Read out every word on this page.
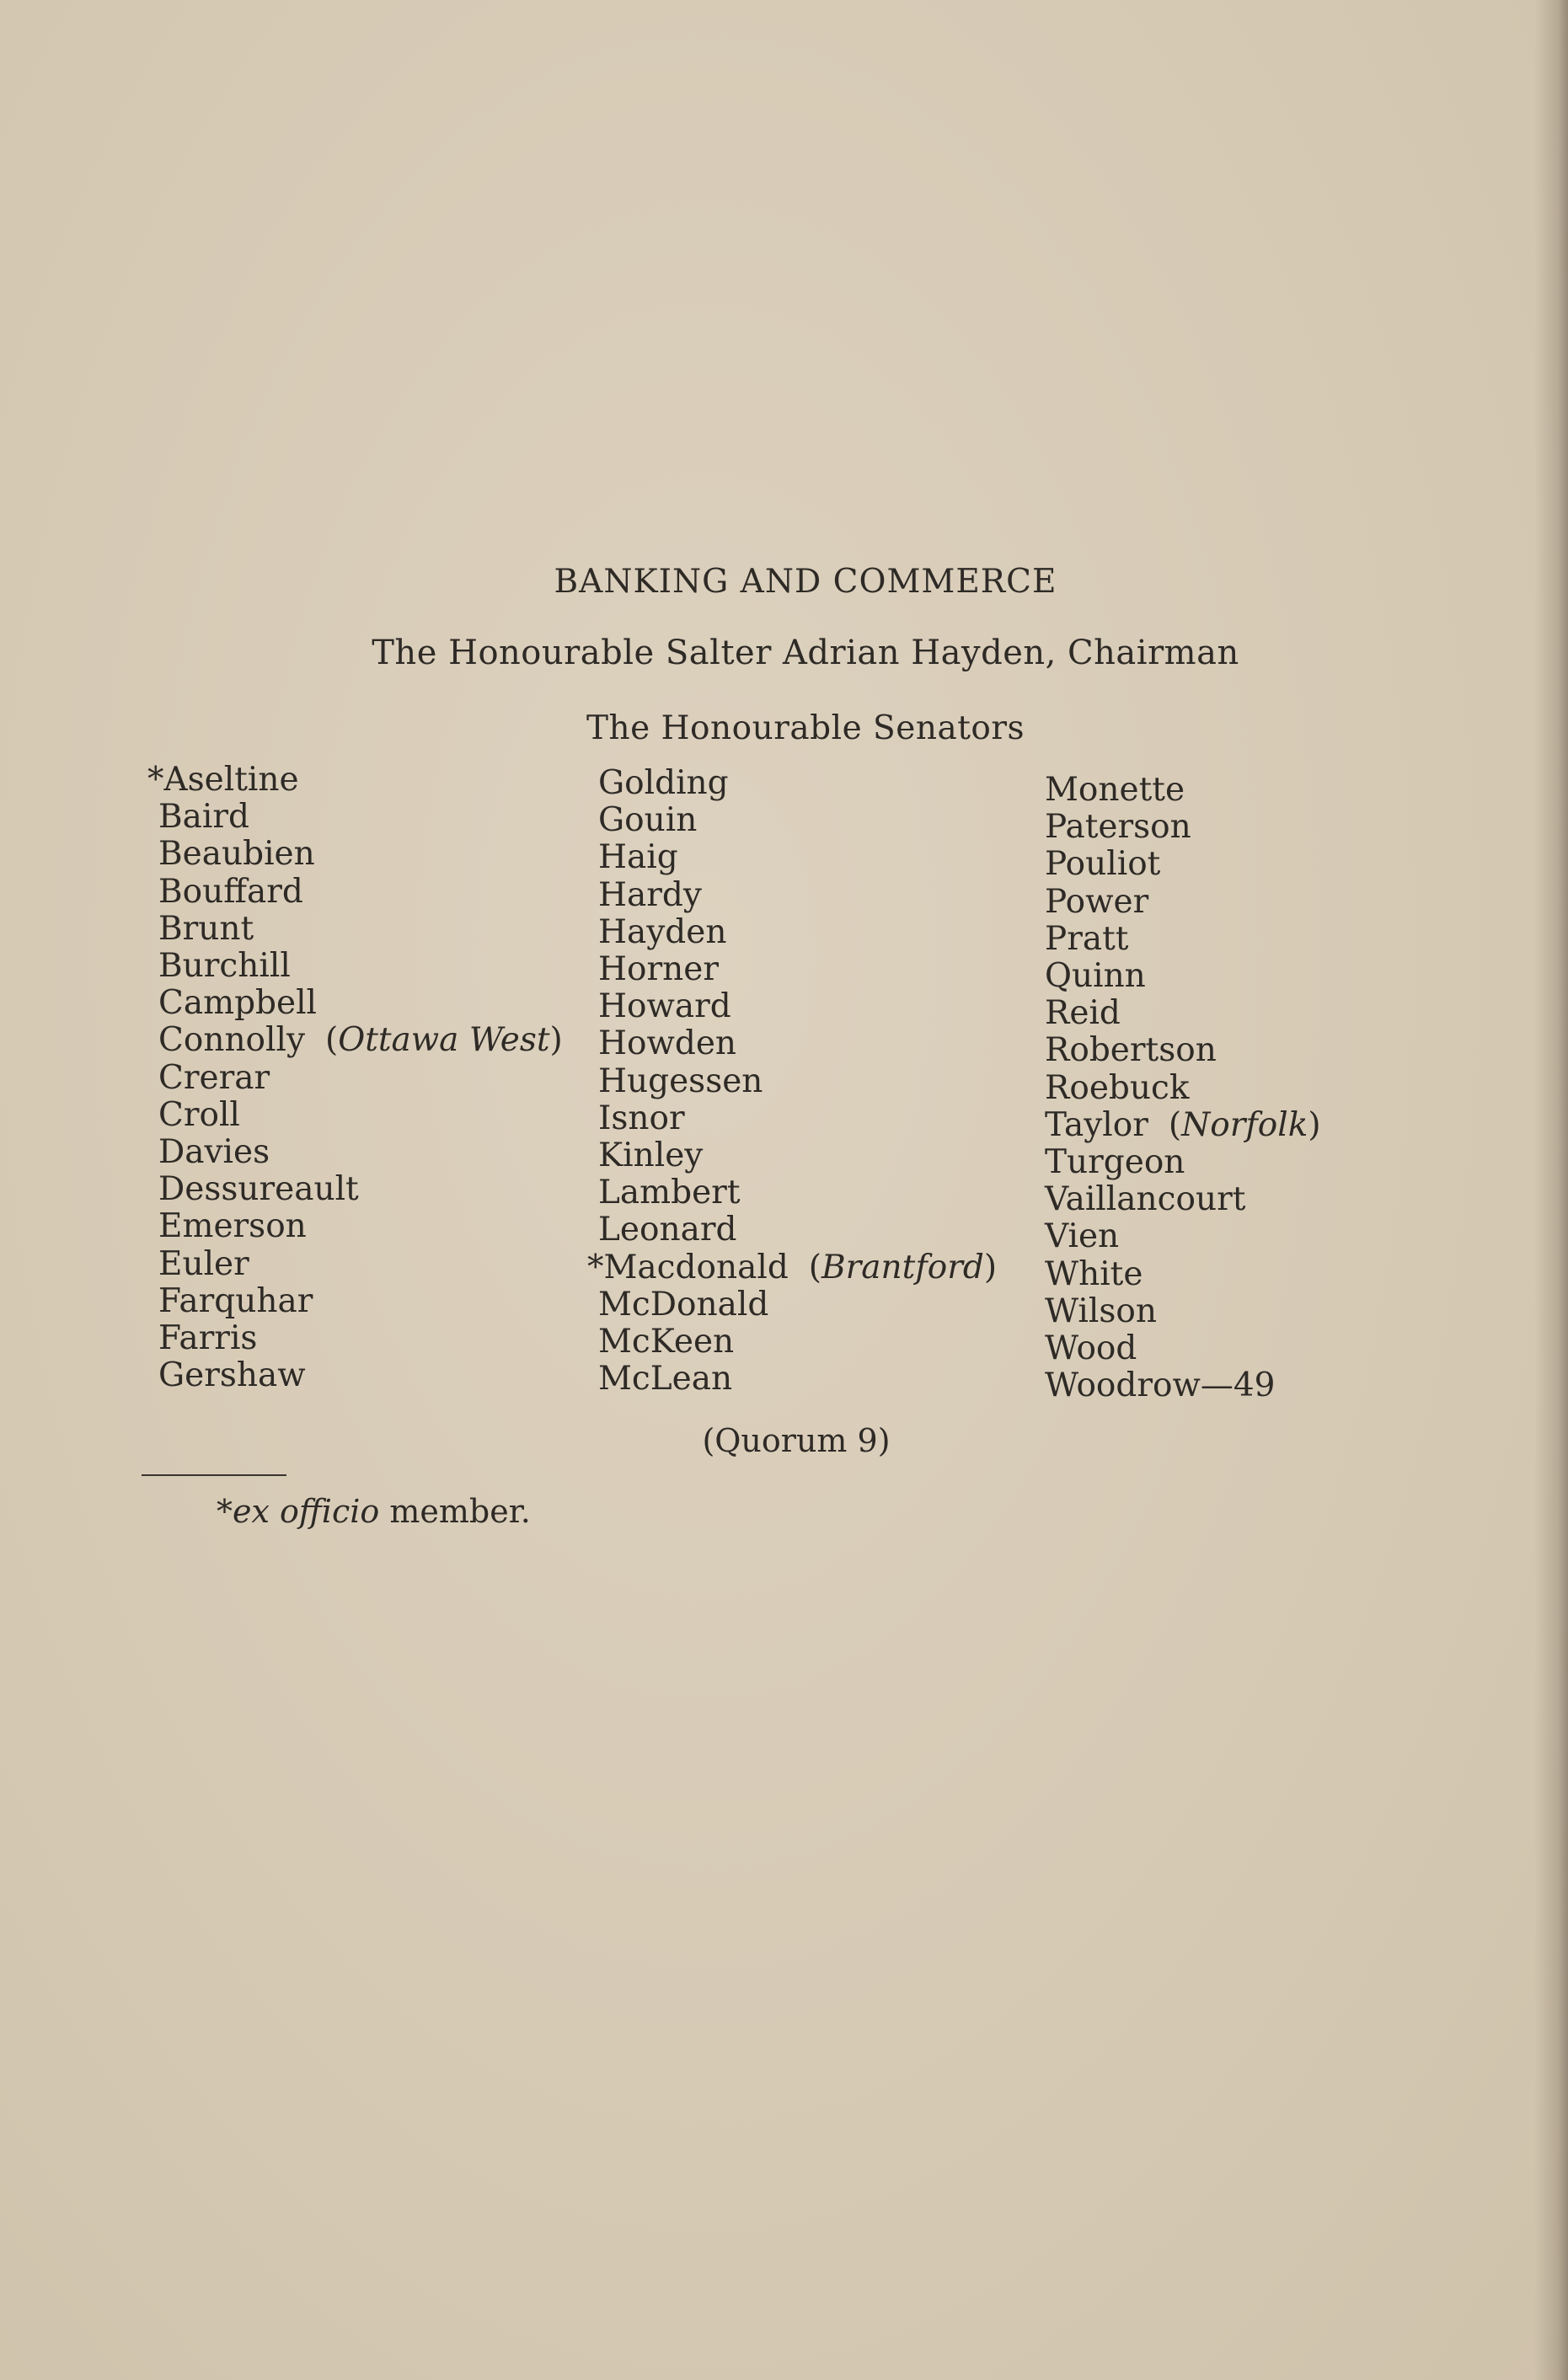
BANKING AND COMMERCE

The Honourable Salter Adrian Hayden, Chairman

The Honourable Senators

*Aseltine
Baird
Beaubien
Bouffard
Brunt
Burchill
Campbell
Connolly (Ottawa West)
Crerar
Croll
Davies
Dessureault
Emerson
Euler
Farquhar
Farris
Gershaw
Golding
Gouin
Haig
Hardy
Hayden
Horner
Howard
Howden
Hugessen
Isnor
Kinley
Lambert
Leonard
*Macdonald (Brantford)
McDonald
McKeen
McLean
Monette
Paterson
Pouliot
Power
Pratt
Quinn
Reid
Robertson
Roebuck
Taylor (Norfolk)
Turgeon
Vaillancourt
Vien
White
Wilson
Wood
Woodrow—49

(Quorum 9)

*ex officio member.
